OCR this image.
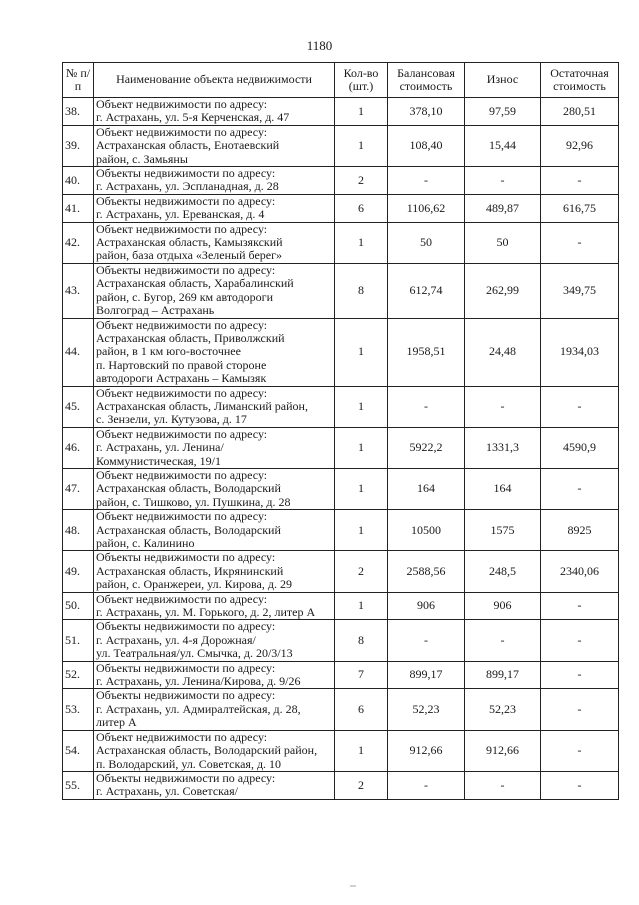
1180
№ п/п	Наименование объекта недвижимости	Кол-во (шт.)	Балансовая стоимость	Износ	Остаточная стоимость
38.	Объект недвижимости по адресу:
г. Астрахань, ул. 5-я Керченская, д. 47	1	378,10	97,59	280,51
39.	Объект недвижимости по адресу:
Астраханская область, Енотаевский
район, с. Замьяны	1	108,40	15,44	92,96
40.	Объекты недвижимости по адресу:
г. Астрахань, ул. Эспланадная, д. 28	2	-	-	-
41.	Объекты недвижимости по адресу:
г. Астрахань, ул. Ереванская, д. 4	6	1106,62	489,87	616,75
42.	Объект недвижимости по адресу:
Астраханская область, Камызякский
район, база отдыха «Зеленый берег»	1	50	50	-
43.	Объекты недвижимости по адресу:
Астраханская область, Харабалинский
район, с. Бугор, 269 км автодороги
Волгоград – Астрахань	8	612,74	262,99	349,75
44.	Объект недвижимости по адресу:
Астраханская область, Приволжский
район, в 1 км юго-восточнее
п. Нартовский по правой стороне
автодороги Астрахань – Камызяк	1	1958,51	24,48	1934,03
45.	Объект недвижимости по адресу:
Астраханская область, Лиманский район,
с. Зензели, ул. Кутузова, д. 17	1	-	-	-
46.	Объект недвижимости по адресу:
г. Астрахань, ул. Ленина/
Коммунистическая, 19/1	1	5922,2	1331,3	4590,9
47.	Объект недвижимости по адресу:
Астраханская область, Володарский
район, с. Тишково, ул. Пушкина, д. 28	1	164	164	-
48.	Объект недвижимости по адресу:
Астраханская область, Володарский
район, с. Калинино	1	10500	1575	8925
49.	Объекты недвижимости по адресу:
Астраханская область, Икрянинский
район, с. Оранжереи, ул. Кирова, д. 29	2	2588,56	248,5	2340,06
50.	Объект недвижимости по адресу:
г. Астрахань, ул. М. Горького, д. 2, литер А	1	906	906	-
51.	Объекты недвижимости по адресу:
г. Астрахань, ул. 4-я Дорожная/
ул. Театральная/ул. Смычка, д. 20/3/13	8	-	-	-
52.	Объекты недвижимости по адресу:
г. Астрахань, ул. Ленина/Кирова, д. 9/26	7	899,17	899,17	-
53.	Объекты недвижимости по адресу:
г. Астрахань, ул. Адмиралтейская, д. 28,
литер А	6	52,23	52,23	-
54.	Объект недвижимости по адресу:
Астраханская область, Володарский район,
п. Володарский, ул. Советская, д. 10	1	912,66	912,66	-
55.	Объекты недвижимости по адресу:
г. Астрахань, ул. Советская/	2	-	-	-
